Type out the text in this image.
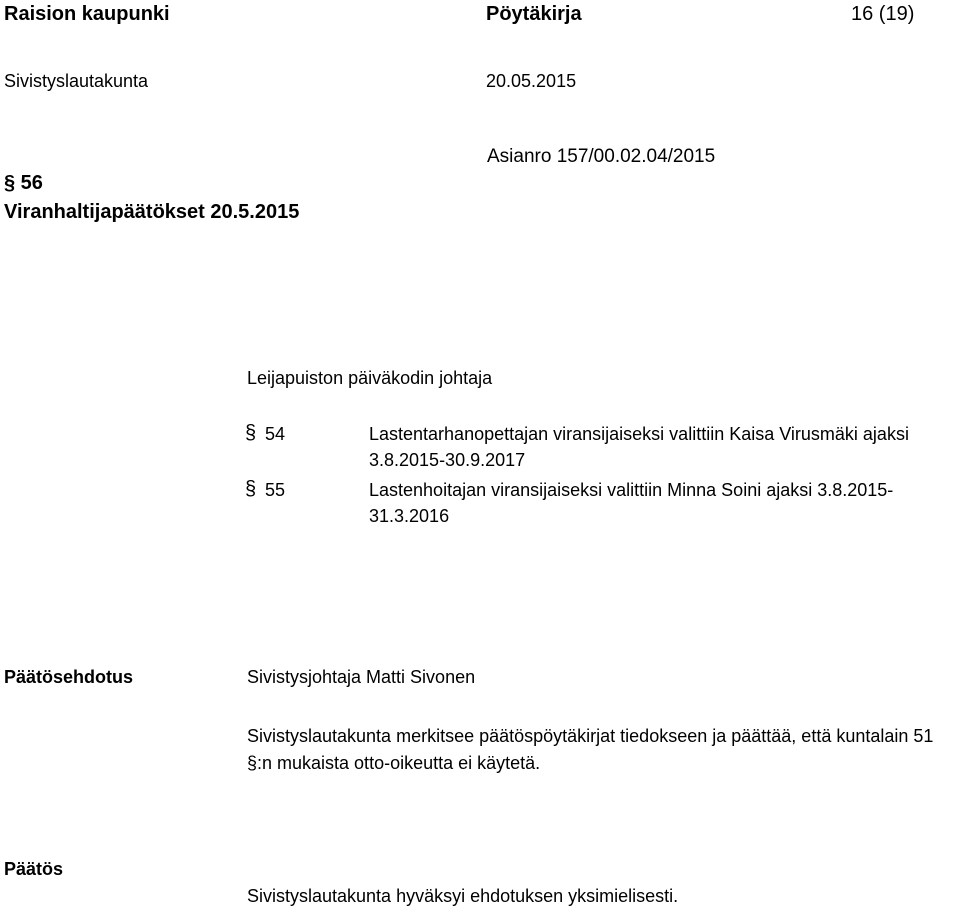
Raision kaupunki	Pöytäkirja	16 (19)
Sivistyslautakunta	20.05.2015
Asianro 157/00.02.04/2015
§ 56
Viranhaltijapäätökset 20.5.2015
Leijapuiston päiväkodin johtaja
§ 54	Lastentarhanopettajan viransijaiseksi valittiin Kaisa Virusmäki ajaksi 3.8.2015-30.9.2017
§ 55	Lastenhoitajan viransijaiseksi valittiin Minna Soini ajaksi 3.8.2015-31.3.2016
Päätösehdotus	Sivistysjohtaja Matti Sivonen
Sivistyslautakunta merkitsee päätöspöytäkirjat tiedokseen ja päättää, että kuntalain 51 §:n mukaista otto-oikeutta ei käytetä.
Päätös
Sivistyslautakunta hyväksyi ehdotuksen yksimielisesti.
